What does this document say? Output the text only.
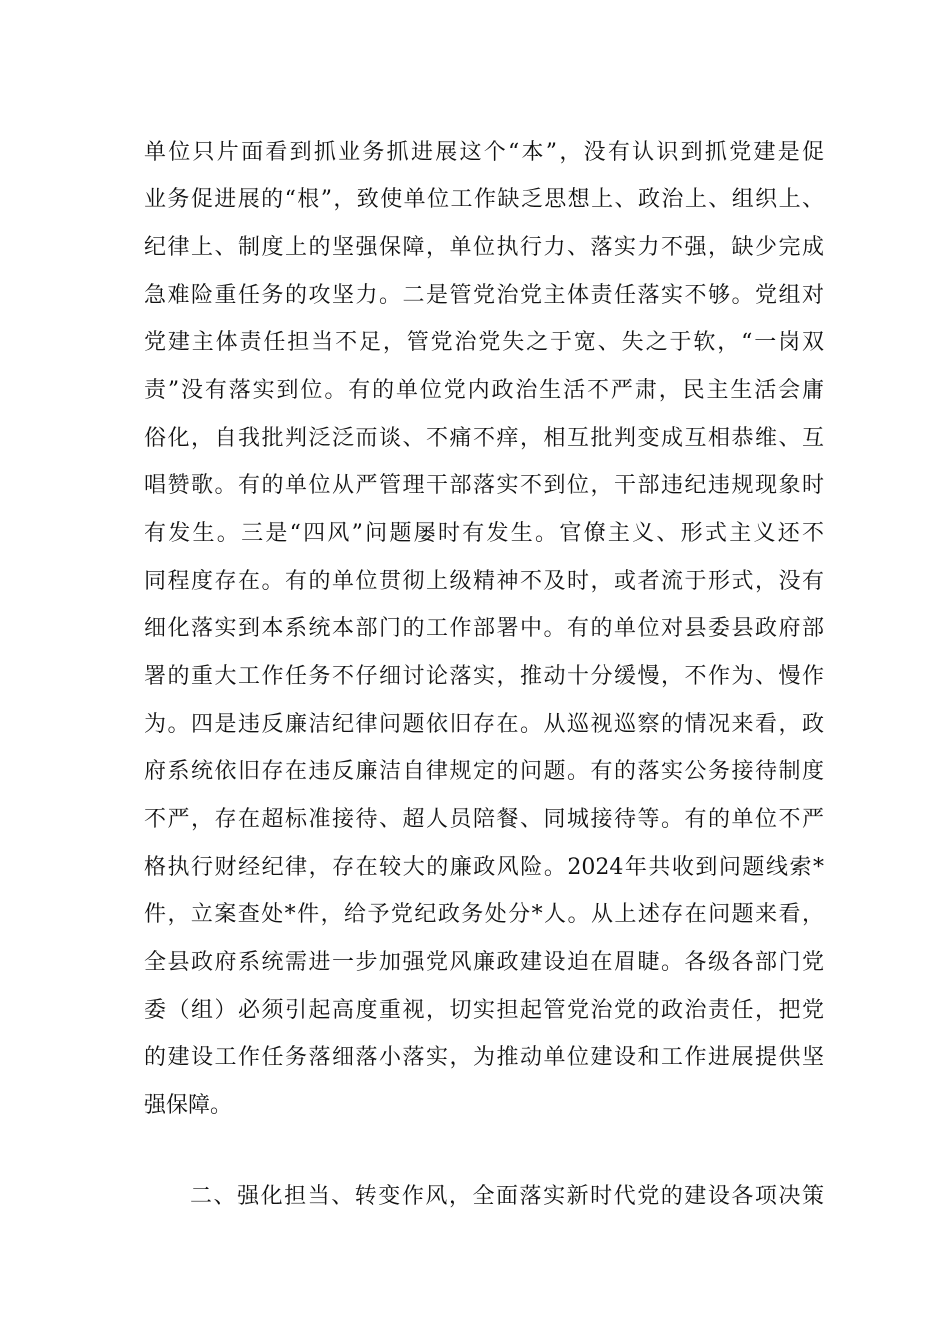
单位只片面看到抓业务抓进展这个“本”，没有认识到抓党建是促
业务促进展的“根”，致使单位工作缺乏思想上、政治上、组织上、
纪律上、制度上的坚强保障，单位执行力、落实力不强，缺少完成
急难险重任务的攻坚力。二是管党治党主体责任落实不够。党组对
党建主体责任担当不足，管党治党失之于宽、失之于软，“一岗双
责”没有落实到位。有的单位党内政治生活不严肃，民主生活会庸
俗化，自我批判泛泛而谈、不痛不痒，相互批判变成互相恭维、互
唱赞歌。有的单位从严管理干部落实不到位，干部违纪违规现象时
有发生。三是“四风”问题屡时有发生。官僚主义、形式主义还不
同程度存在。有的单位贯彻上级精神不及时，或者流于形式，没有
细化落实到本系统本部门的工作部署中。有的单位对县委县政府部
署的重大工作任务不仔细讨论落实，推动十分缓慢，不作为、慢作
为。四是违反廉洁纪律问题依旧存在。从巡视巡察的情况来看，政
府系统依旧存在违反廉洁自律规定的问题。有的落实公务接待制度
不严，存在超标准接待、超人员陪餐、同城接待等。有的单位不严
格执行财经纪律，存在较大的廉政风险。2024年共收到问题线索*
件，立案查处*件，给予党纪政务处分*人。从上述存在问题来看，
全县政府系统需进一步加强党风廉政建设迫在眉睫。各级各部门党
委（组）必须引起高度重视，切实担起管党治党的政治责任，把党
的建设工作任务落细落小落实，为推动单位建设和工作进展提供坚
强保障。
二、强化担当、转变作风，全面落实新时代党的建设各项决策
